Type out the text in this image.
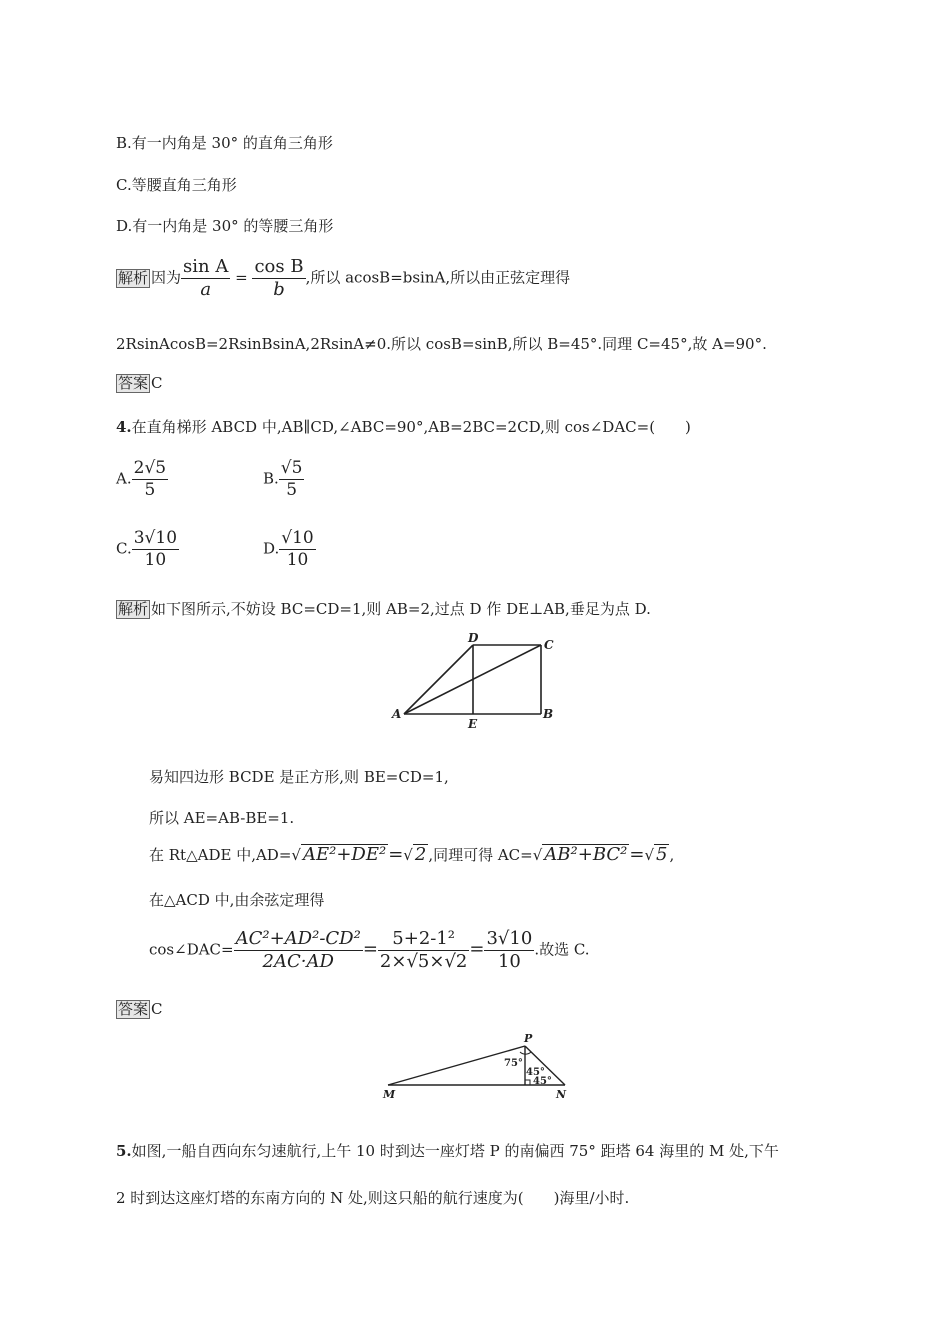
B.有一内角是 30° 的直角三角形
C.等腰直角三角形
D.有一内角是 30° 的等腰三角形
解析 因为 $\frac{\text{sin A}}{a} = \frac{\text{cos B}}{b}$ ,所以 acosB=bsinA,所以由正弦定理得
2RsinAcosB=2RsinBsinA,2RsinA≠0.所以 cosB=sinB,所以 B=45°.同理 C=45°,故 A=90°.
答案 C
4.在直角梯形 ABCD 中,AB∥CD,∠ABC=90°,AB=2BC=2CD,则 cos∠DAC=(　　)
A. $\frac{2√5}{5}$	B. $\frac{√5}{5}$
C. $\frac{3√10}{10}$	D. $\frac{√10}{10}$
解析 如下图所示,不妨设 BC=CD=1,则 AB=2,过点 D 作 DE⊥AB,垂足为点 D.
D	C
A
E
B
易知四边形 BCDE 是正方形,则 BE=CD=1,
所以 AE=AB-BE=1.
在 Rt△ADE 中,AD=√ AE²+DE² =√ 2 ,同理可得 AC=√ AB²+BC² =√ 5 ,
在△ACD 中,由余弦定理得
cos∠DAC= $\frac{\text{AC²+AD²-CD²}}{2AC\cdot AD} = \frac{\text{5+2-1²}}{2\times√5\times√2} = \frac{3√10}{10}$ .故选 C.
答案 C
P
75°
45°
45°
M	N
5.如图,一船自西向东匀速航行,上午 10 时到达一座灯塔 P 的南偏西 75° 距塔 64 海里的 M 处,下午
2 时到达这座灯塔的东南方向的 N 处,则这只船的航行速度为(　　)海里/小时.
